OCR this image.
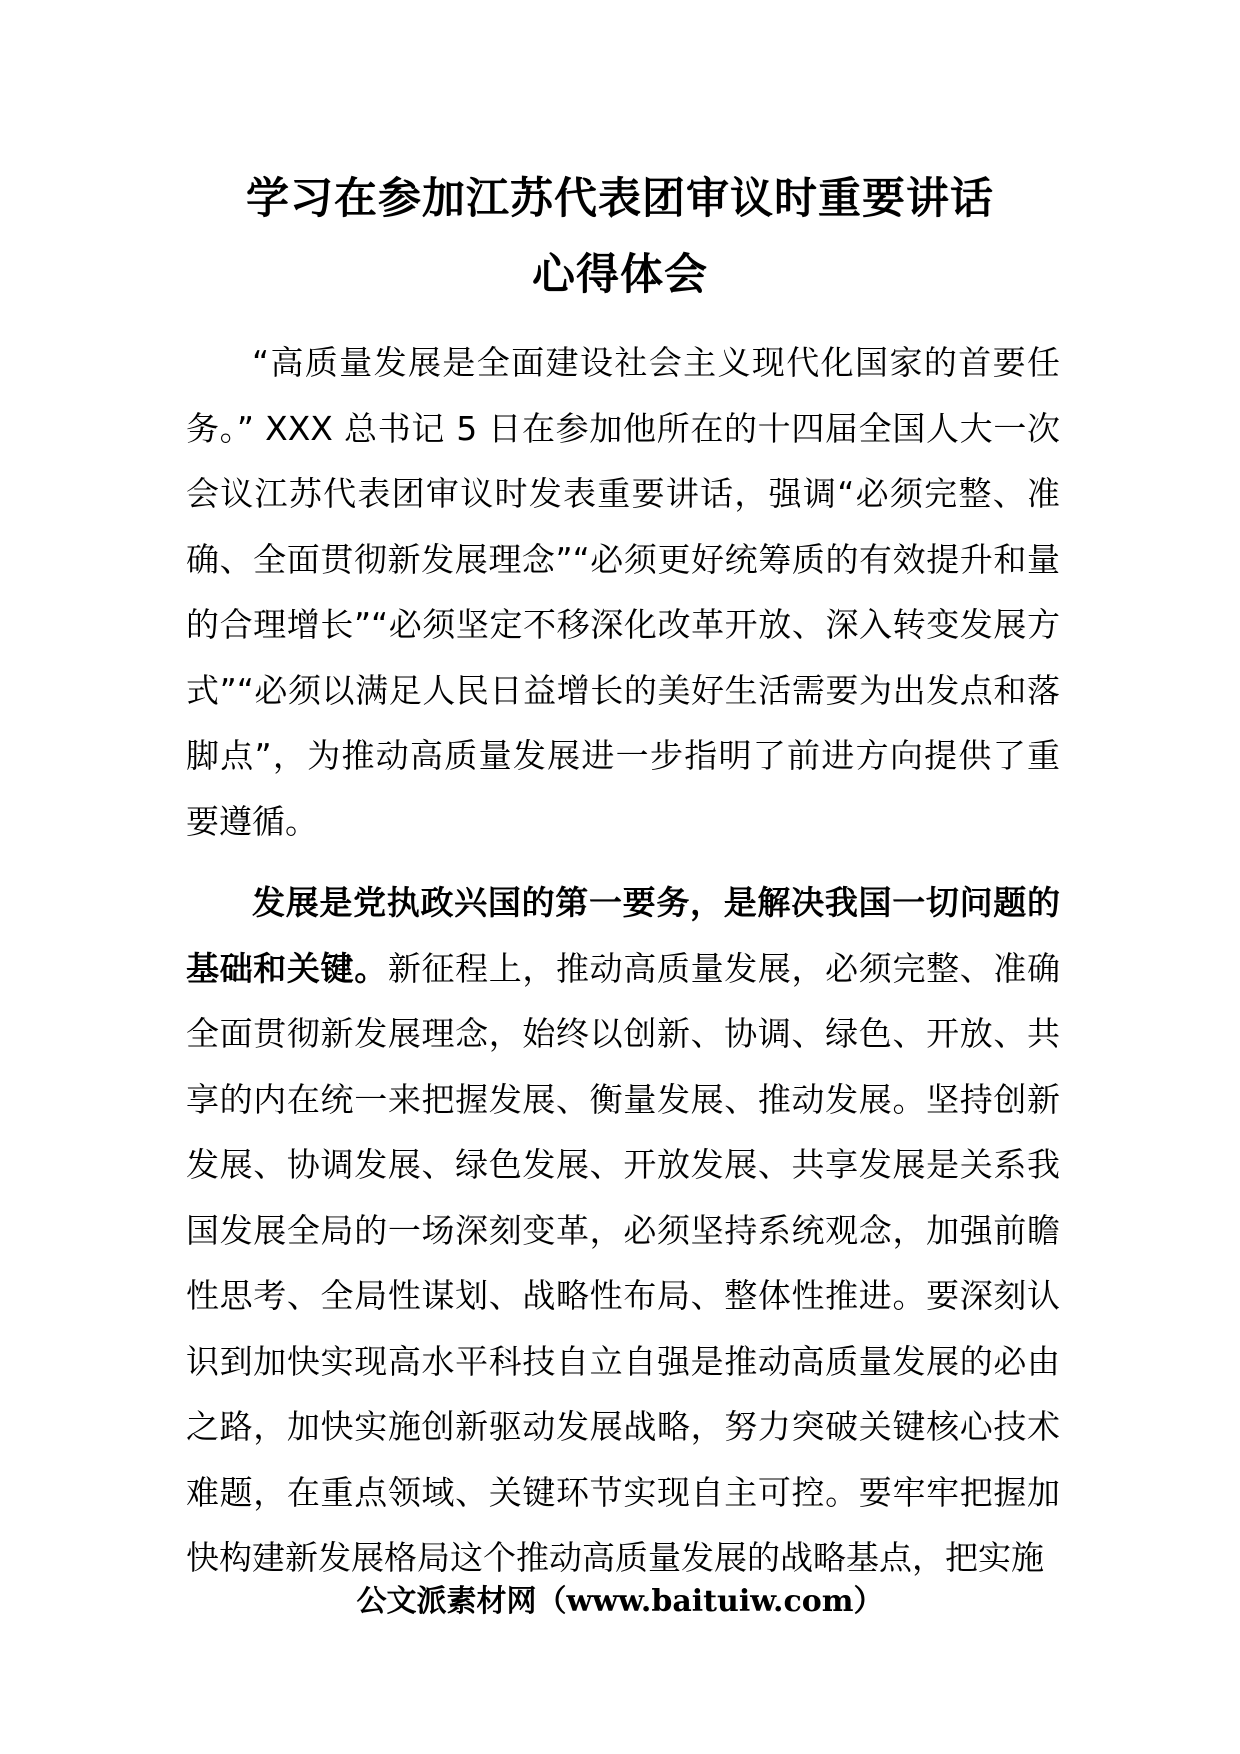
学习在参加江苏代表团审议时重要讲话
心得体会

“高质量发展是全面建设社会主义现代化国家的首要任务。” XXX 总书记 5 日在参加他所在的十四届全国人大一次会议江苏代表团审议时发表重要讲话，强调“必须完整、准确、全面贯彻新发展理念”“必须更好统筹质的有效提升和量的合理增长”“必须坚定不移深化改革开放、深入转变发展方式”“必须以满足人民日益增长的美好生活需要为出发点和落脚点”，为推动高质量发展进一步指明了前进方向提供了重要遵循。

发展是党执政兴国的第一要务，是解决我国一切问题的基础和关键。新征程上，推动高质量发展，必须完整、准确全面贯彻新发展理念，始终以创新、协调、绿色、开放、共享的内在统一来把握发展、衡量发展、推动发展。坚持创新发展、协调发展、绿色发展、开放发展、共享发展是关系我国发展全局的一场深刻变革，必须坚持系统观念，加强前瞻性思考、全局性谋划、战略性布局、整体性推进。要深刻认识到加快实现高水平科技自立自强是推动高质量发展的必由之路，加快实施创新驱动发展战略，努力突破关键核心技术难题，在重点领域、关键环节实现自主可控。要牢牢把握加快构建新发展格局这个推动高质量发展的战略基点，把实施

公文派素材网（www.baituiw.com）
